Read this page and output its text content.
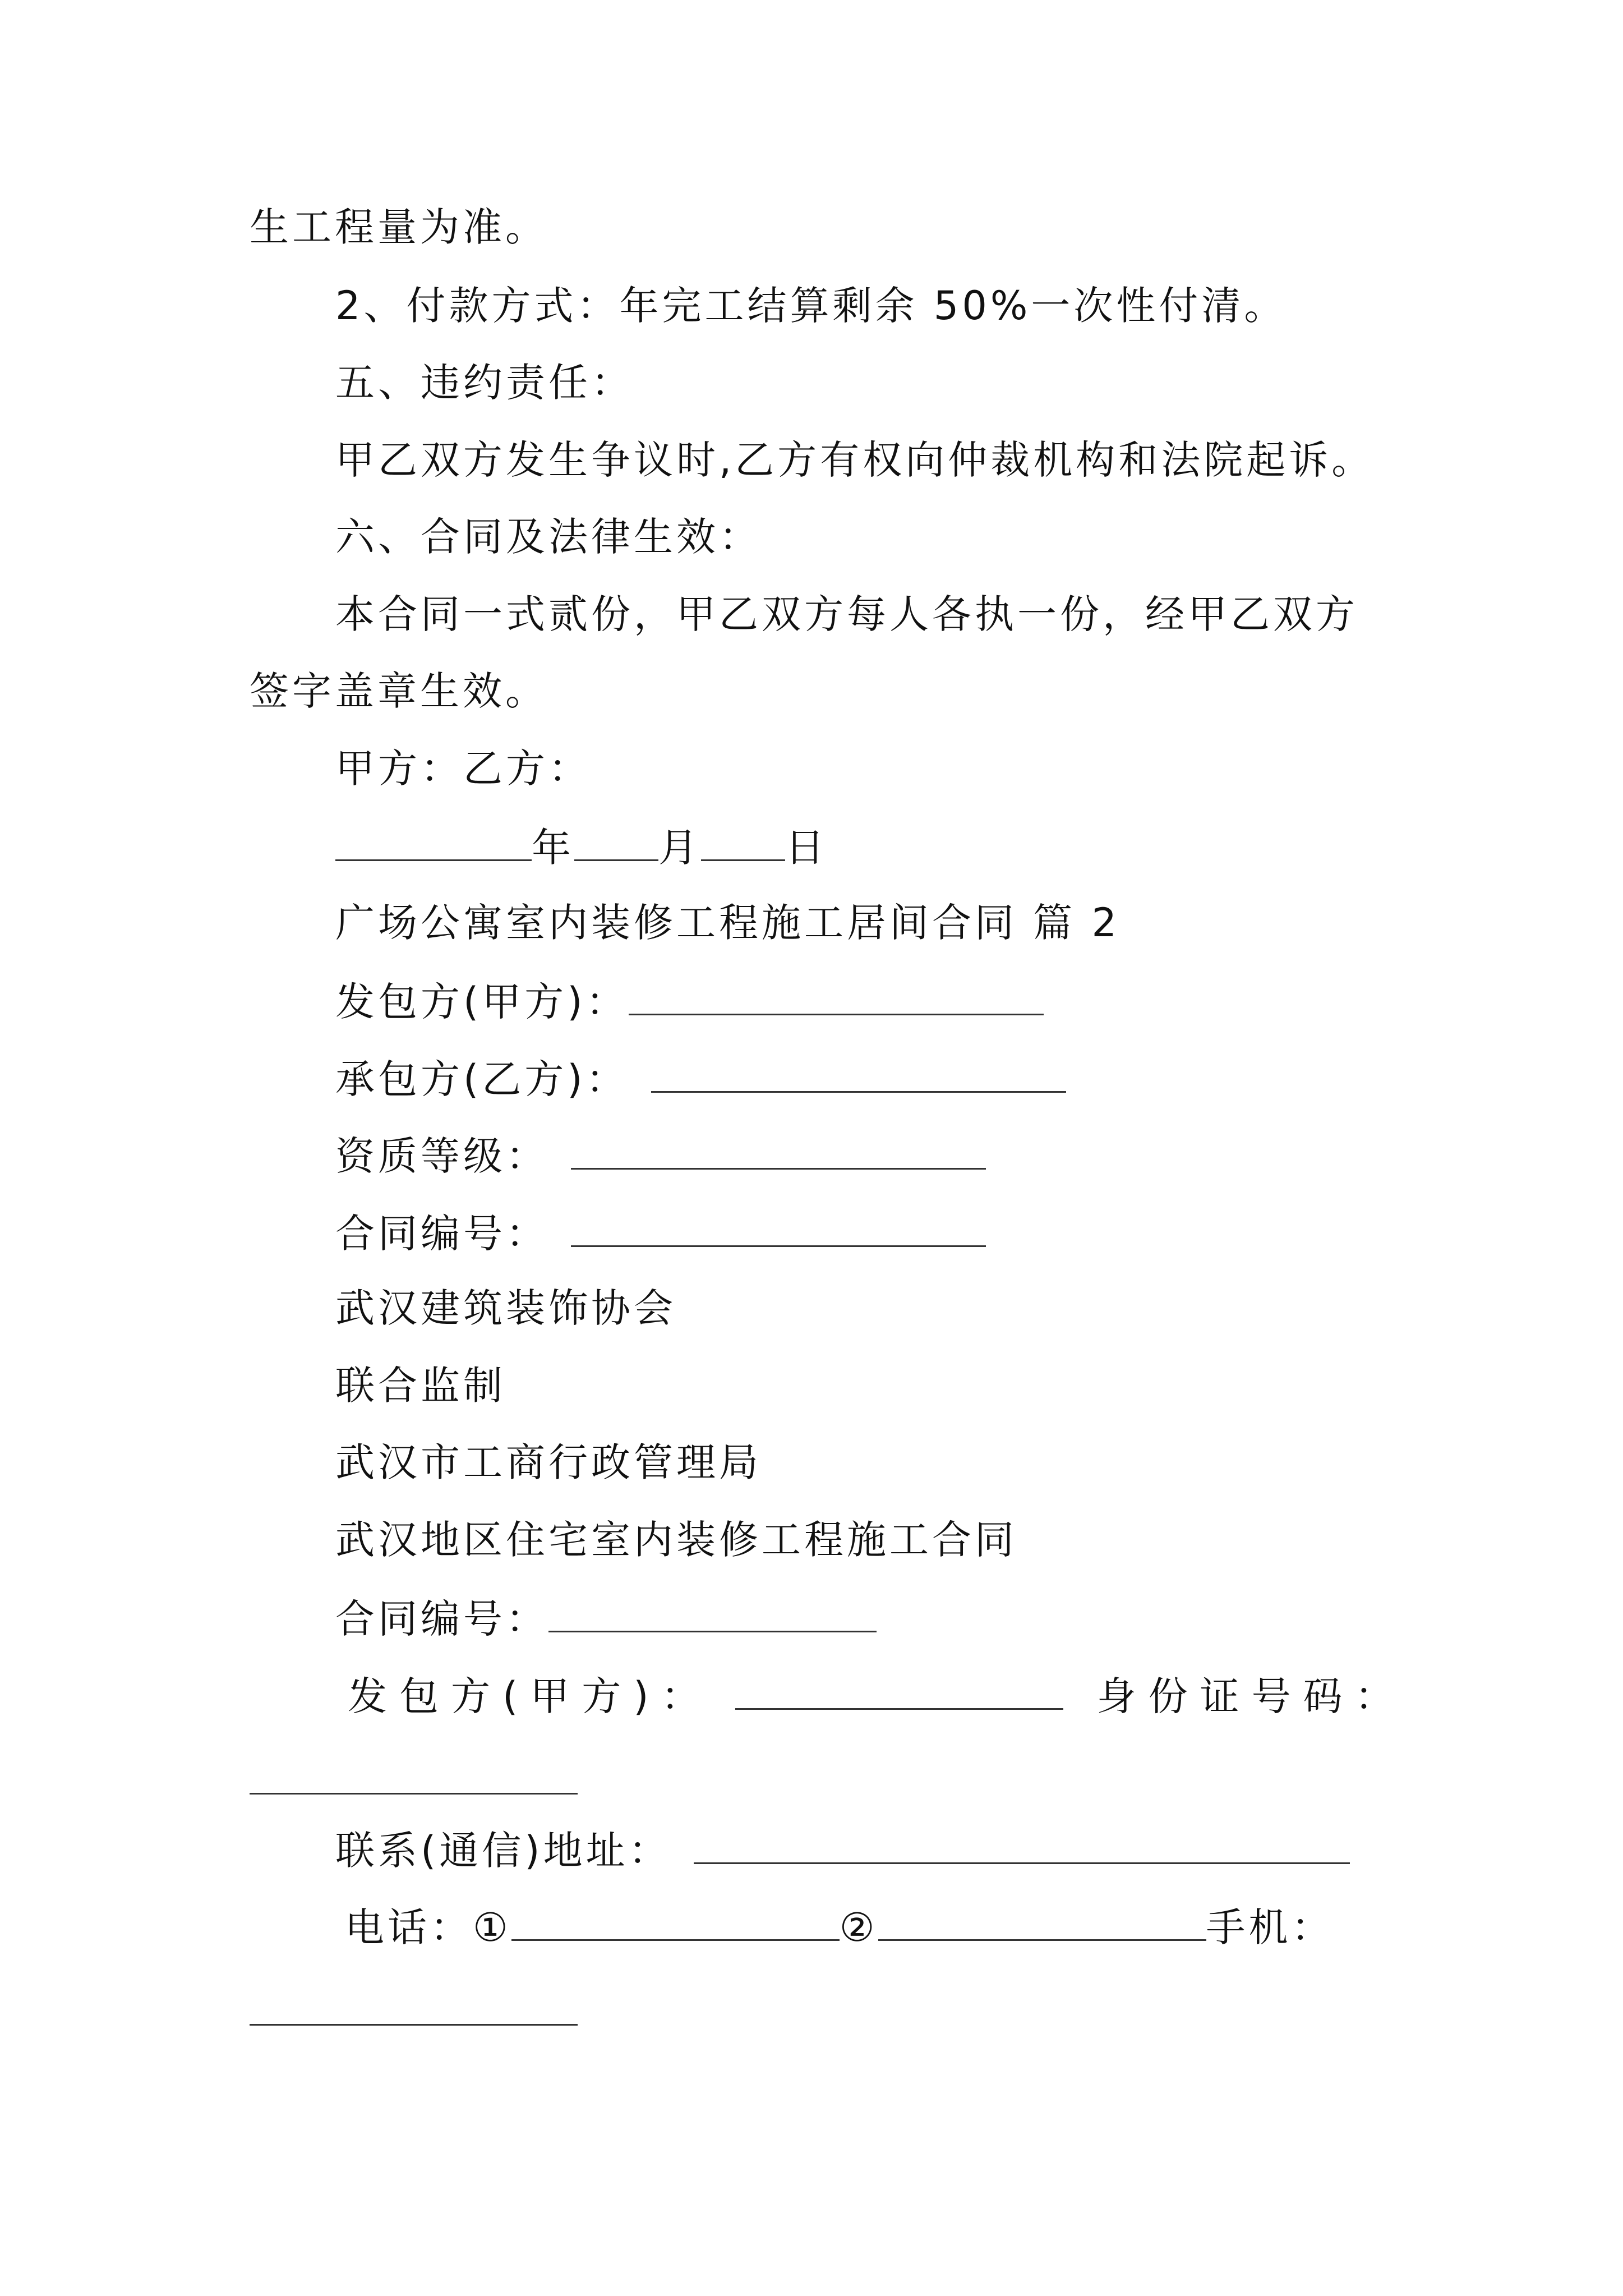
生工程量为准。
2、付款方式：年完工结算剩余 50%一次性付清。
五、违约责任：
甲乙双方发生争议时,乙方有权向仲裁机构和法院起诉。
六、合同及法律生效：
本合同一式贰份，甲乙双方每人各执一份，经甲乙双方
签字盖章生效。
甲方：乙方：
年 月 日
广场公寓室内装修工程施工居间合同 篇 2
发包方(甲方)：
承包方(乙方)：
资质等级：
合同编号：
武汉建筑装饰协会
联合监制
武汉市工商行政管理局
武汉地区住宅室内装修工程施工合同
合同编号：
发包方(甲方)：	身份证号码：
联系(通信)地址：
电话：①	②	手机：
